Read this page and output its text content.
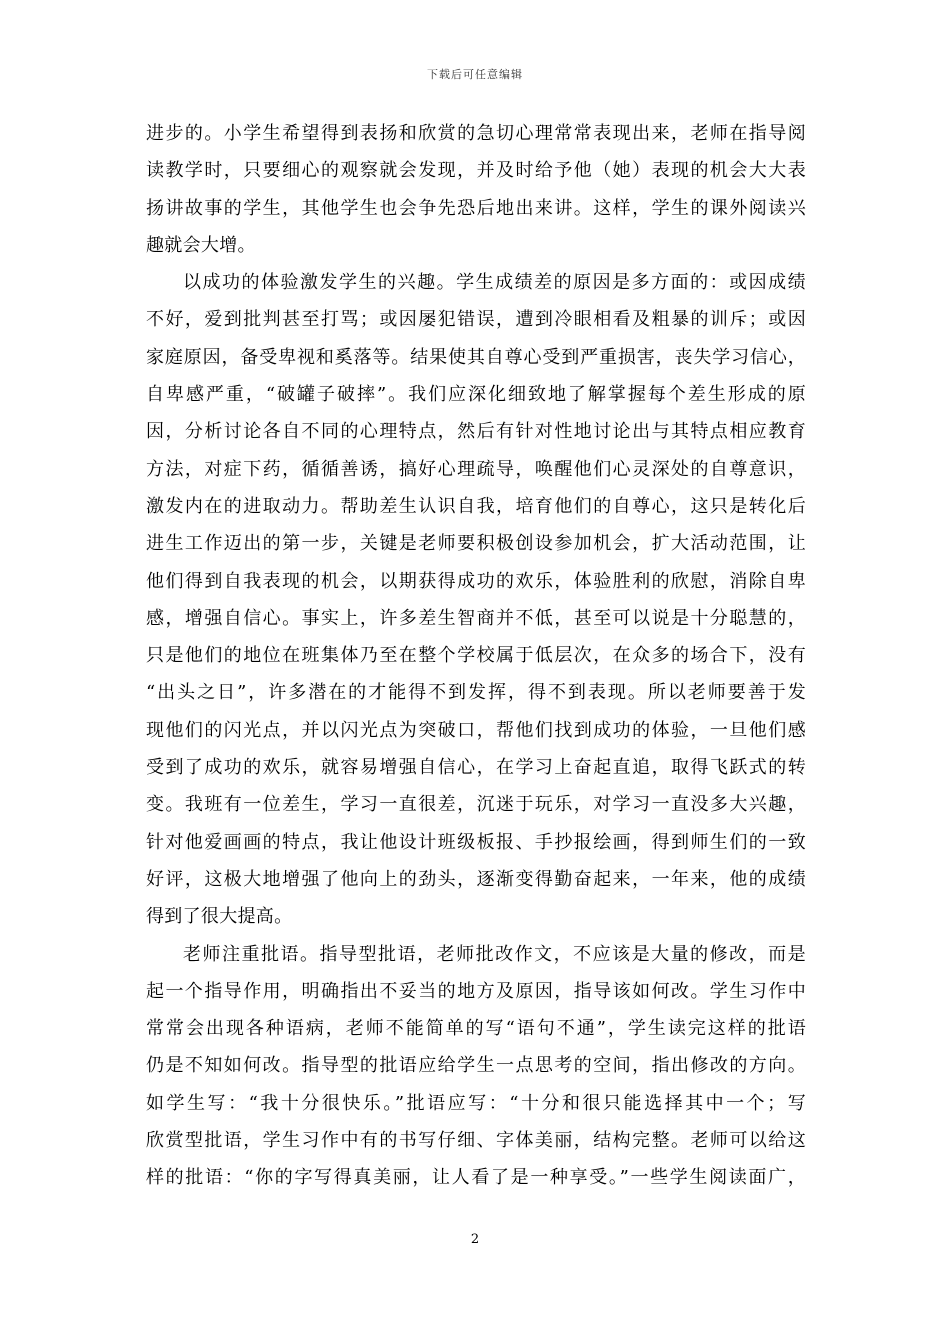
下载后可任意编辑
进步的。小学生希望得到表扬和欣赏的急切心理常常表现出来，老师在指导阅
读教学时，只要细心的观察就会发现，并及时给予他（她）表现的机会大大表
扬讲故事的学生，其他学生也会争先恐后地出来讲。这样，学生的课外阅读兴
趣就会大增。
以成功的体验激发学生的兴趣。学生成绩差的原因是多方面的：或因成绩
不好，爱到批判甚至打骂；或因屡犯错误，遭到冷眼相看及粗暴的训斥；或因
家庭原因，备受卑视和奚落等。结果使其自尊心受到严重损害，丧失学习信心，
自卑感严重，“破罐子破摔”。我们应深化细致地了解掌握每个差生形成的原
因，分析讨论各自不同的心理特点，然后有针对性地讨论出与其特点相应教育
方法，对症下药，循循善诱，搞好心理疏导，唤醒他们心灵深处的自尊意识，
激发内在的进取动力。帮助差生认识自我，培育他们的自尊心，这只是转化后
进生工作迈出的第一步，关键是老师要积极创设参加机会，扩大活动范围，让
他们得到自我表现的机会，以期获得成功的欢乐，体验胜利的欣慰，消除自卑
感，增强自信心。事实上，许多差生智商并不低，甚至可以说是十分聪慧的，
只是他们的地位在班集体乃至在整个学校属于低层次，在众多的场合下，没有
“出头之日”，许多潜在的才能得不到发挥，得不到表现。所以老师要善于发
现他们的闪光点，并以闪光点为突破口，帮他们找到成功的体验，一旦他们感
受到了成功的欢乐，就容易增强自信心，在学习上奋起直追，取得飞跃式的转
变。我班有一位差生，学习一直很差，沉迷于玩乐，对学习一直没多大兴趣，
针对他爱画画的特点，我让他设计班级板报、手抄报绘画，得到师生们的一致
好评，这极大地增强了他向上的劲头，逐渐变得勤奋起来，一年来，他的成绩
得到了很大提高。
老师注重批语。指导型批语，老师批改作文，不应该是大量的修改，而是
起一个指导作用，明确指出不妥当的地方及原因，指导该如何改。学生习作中
常常会出现各种语病，老师不能简单的写“语句不通”，学生读完这样的批语
仍是不知如何改。指导型的批语应给学生一点思考的空间，指出修改的方向。
如学生写：“我十分很快乐。”批语应写：“十分和很只能选择其中一个；写
欣赏型批语，学生习作中有的书写仔细、字体美丽，结构完整。老师可以给这
样的批语：“你的字写得真美丽，让人看了是一种享受。”一些学生阅读面广，
2
